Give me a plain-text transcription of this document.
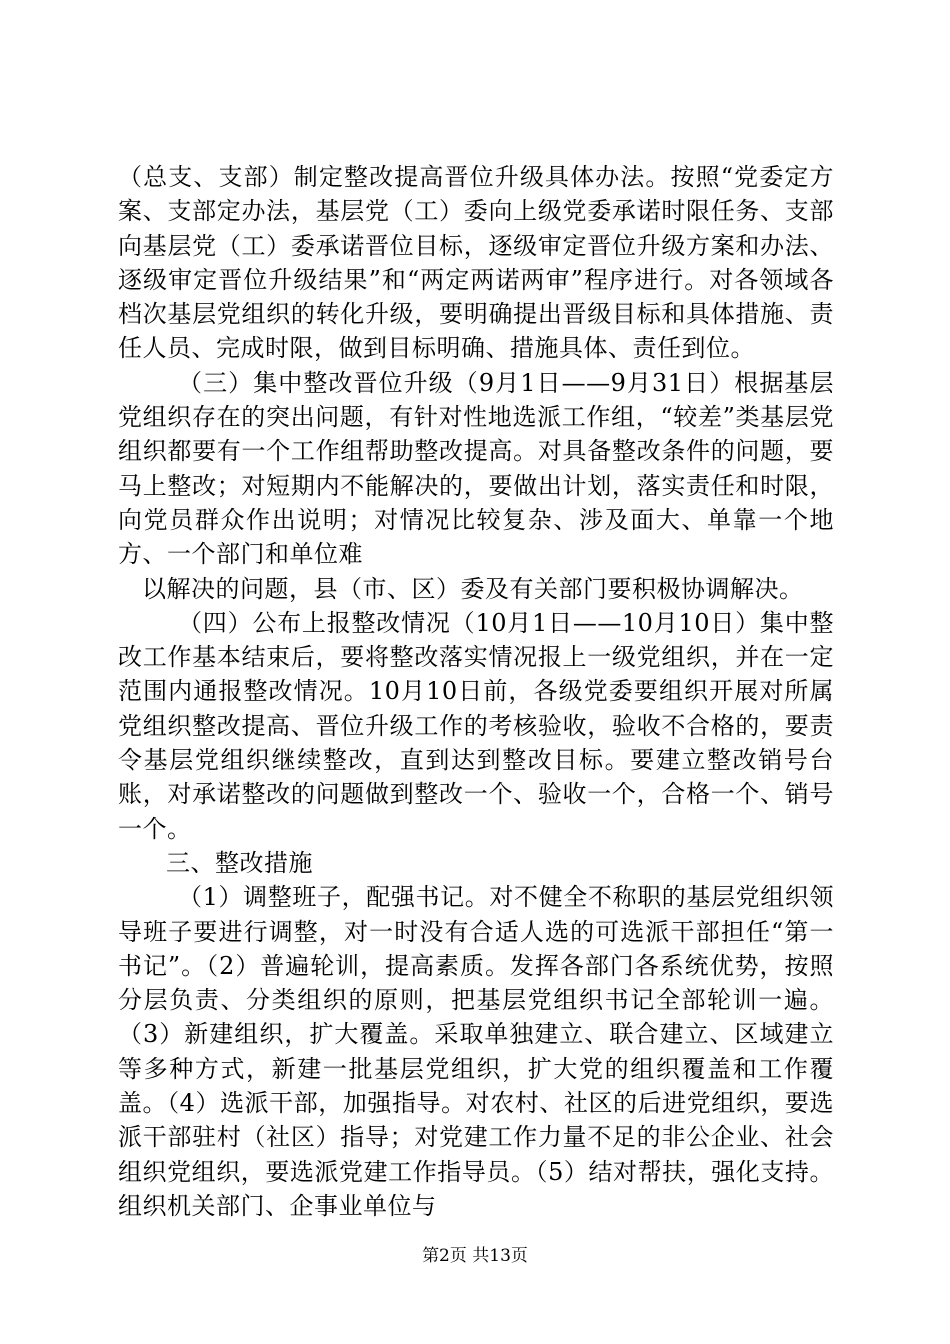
（总支、支部）制定整改提高晋位升级具体办法。按照“党委定方案、支部定办法，基层党（工）委向上级党委承诺时限任务、支部向基层党（工）委承诺晋位目标，逐级审定晋位升级方案和办法、逐级审定晋位升级结果”和“两定两诺两审”程序进行。对各领域各档次基层党组织的转化升级，要明确提出晋级目标和具体措施、责任人员、完成时限，做到目标明确、措施具体、责任到位。

（三）集中整改晋位升级（9月1日——9月31日）根据基层党组织存在的突出问题，有针对性地选派工作组，“较差”类基层党组织都要有一个工作组帮助整改提高。对具备整改条件的问题，要马上整改；对短期内不能解决的，要做出计划，落实责任和时限，向党员群众作出说明；对情况比较复杂、涉及面大、单靠一个地方、一个部门和单位难

以解决的问题，县（市、区）委及有关部门要积极协调解决。

（四）公布上报整改情况（10月1日——10月10日）集中整改工作基本结束后，要将整改落实情况报上一级党组织，并在一定范围内通报整改情况。10月10日前，各级党委要组织开展对所属党组织整改提高、晋位升级工作的考核验收，验收不合格的，要责令基层党组织继续整改，直到达到整改目标。要建立整改销号台账，对承诺整改的问题做到整改一个、验收一个，合格一个、销号一个。

三、整改措施

（1）调整班子，配强书记。对不健全不称职的基层党组织领导班子要进行调整，对一时没有合适人选的可选派干部担任“第一书记”。（2）普遍轮训，提高素质。发挥各部门各系统优势，按照分层负责、分类组织的原则，把基层党组织书记全部轮训一遍。（3）新建组织，扩大覆盖。采取单独建立、联合建立、区域建立等多种方式，新建一批基层党组织，扩大党的组织覆盖和工作覆盖。（4）选派干部，加强指导。对农村、社区的后进党组织，要选派干部驻村（社区）指导；对党建工作力量不足的非公企业、社会组织党组织，要选派党建工作指导员。（5）结对帮扶，强化支持。组织机关部门、企事业单位与

第2页 共13页
